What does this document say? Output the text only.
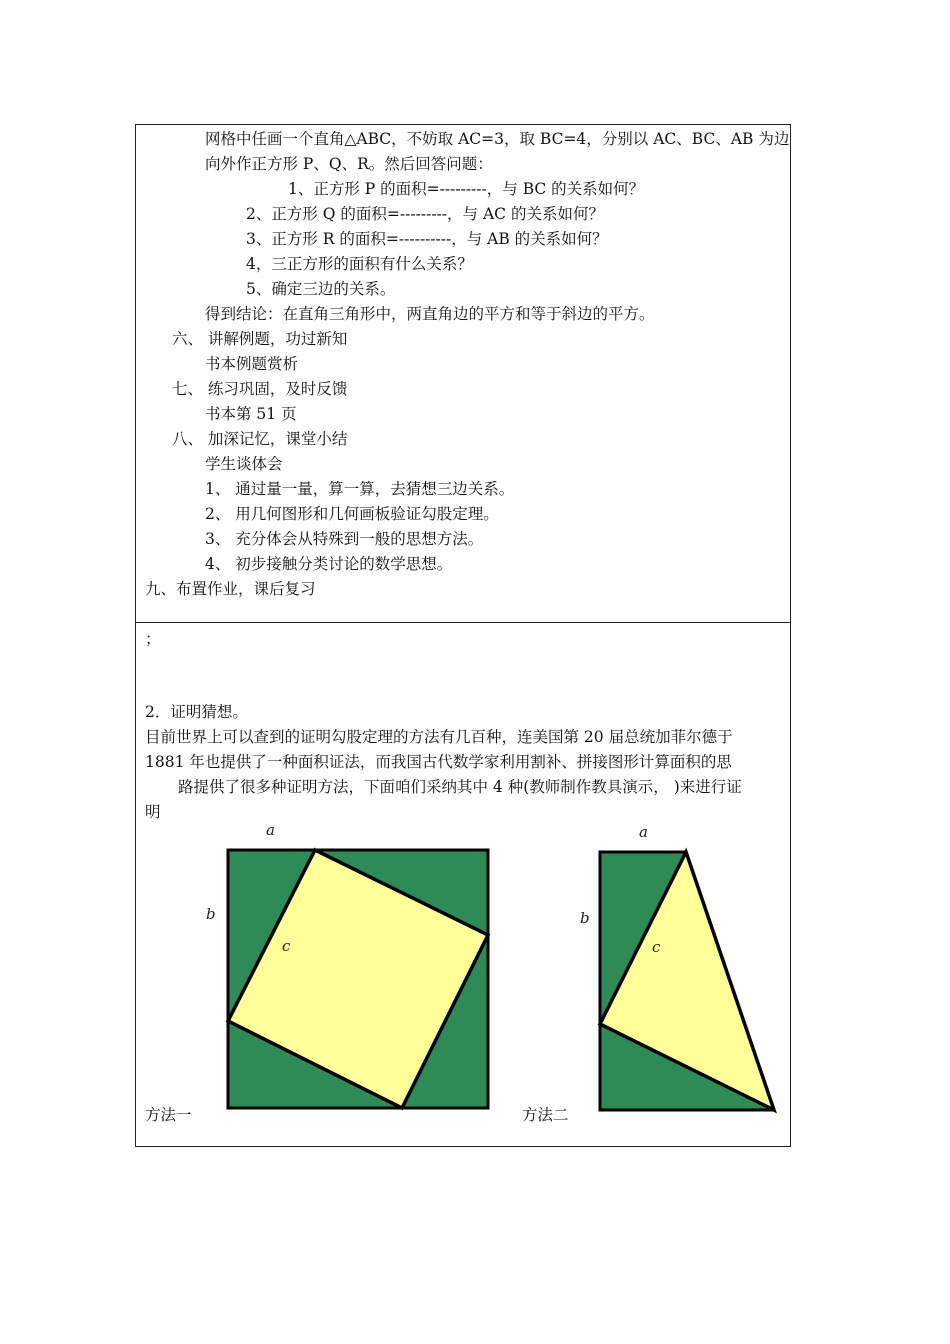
网格中任画一个直角△ABC，不妨取 AC=3，取 BC=4，分别以 AC、BC、AB 为边
向外作正方形 P、Q、R。然后回答问题：
1、正方形 P 的面积=---------，与 BC 的关系如何？
2、正方形 Q 的面积=---------，与 AC 的关系如何？
3、正方形 R 的面积=----------，与 AB 的关系如何？
4，三正方形的面积有什么关系？
5、确定三边的关系。
得到结论：在直角三角形中，两直角边的平方和等于斜边的平方。
六、 讲解例题，功过新知
书本例题赏析
七、 练习巩固，及时反馈
书本第 51 页
八、 加深记忆，课堂小结
学生谈体会
1、 通过量一量，算一算，去猜想三边关系。
2、 用几何图形和几何画板验证勾股定理。
3、 充分体会从特殊到一般的思想方法。
4、 初步接触分类讨论的数学思想。
九、布置作业，课后复习
；
2．证明猜想。
目前世界上可以查到的证明勾股定理的方法有几百种，连美国第 20 届总统加菲尔德于
1881 年也提供了一种面积证法，而我国古代数学家利用割补、拼接图形计算面积的思
路提供了很多种证明方法，下面咱们采纳其中 4 种(教师制作教具演示， )来进行证
明
a
b
c
方法一
a
b
c
方法二
